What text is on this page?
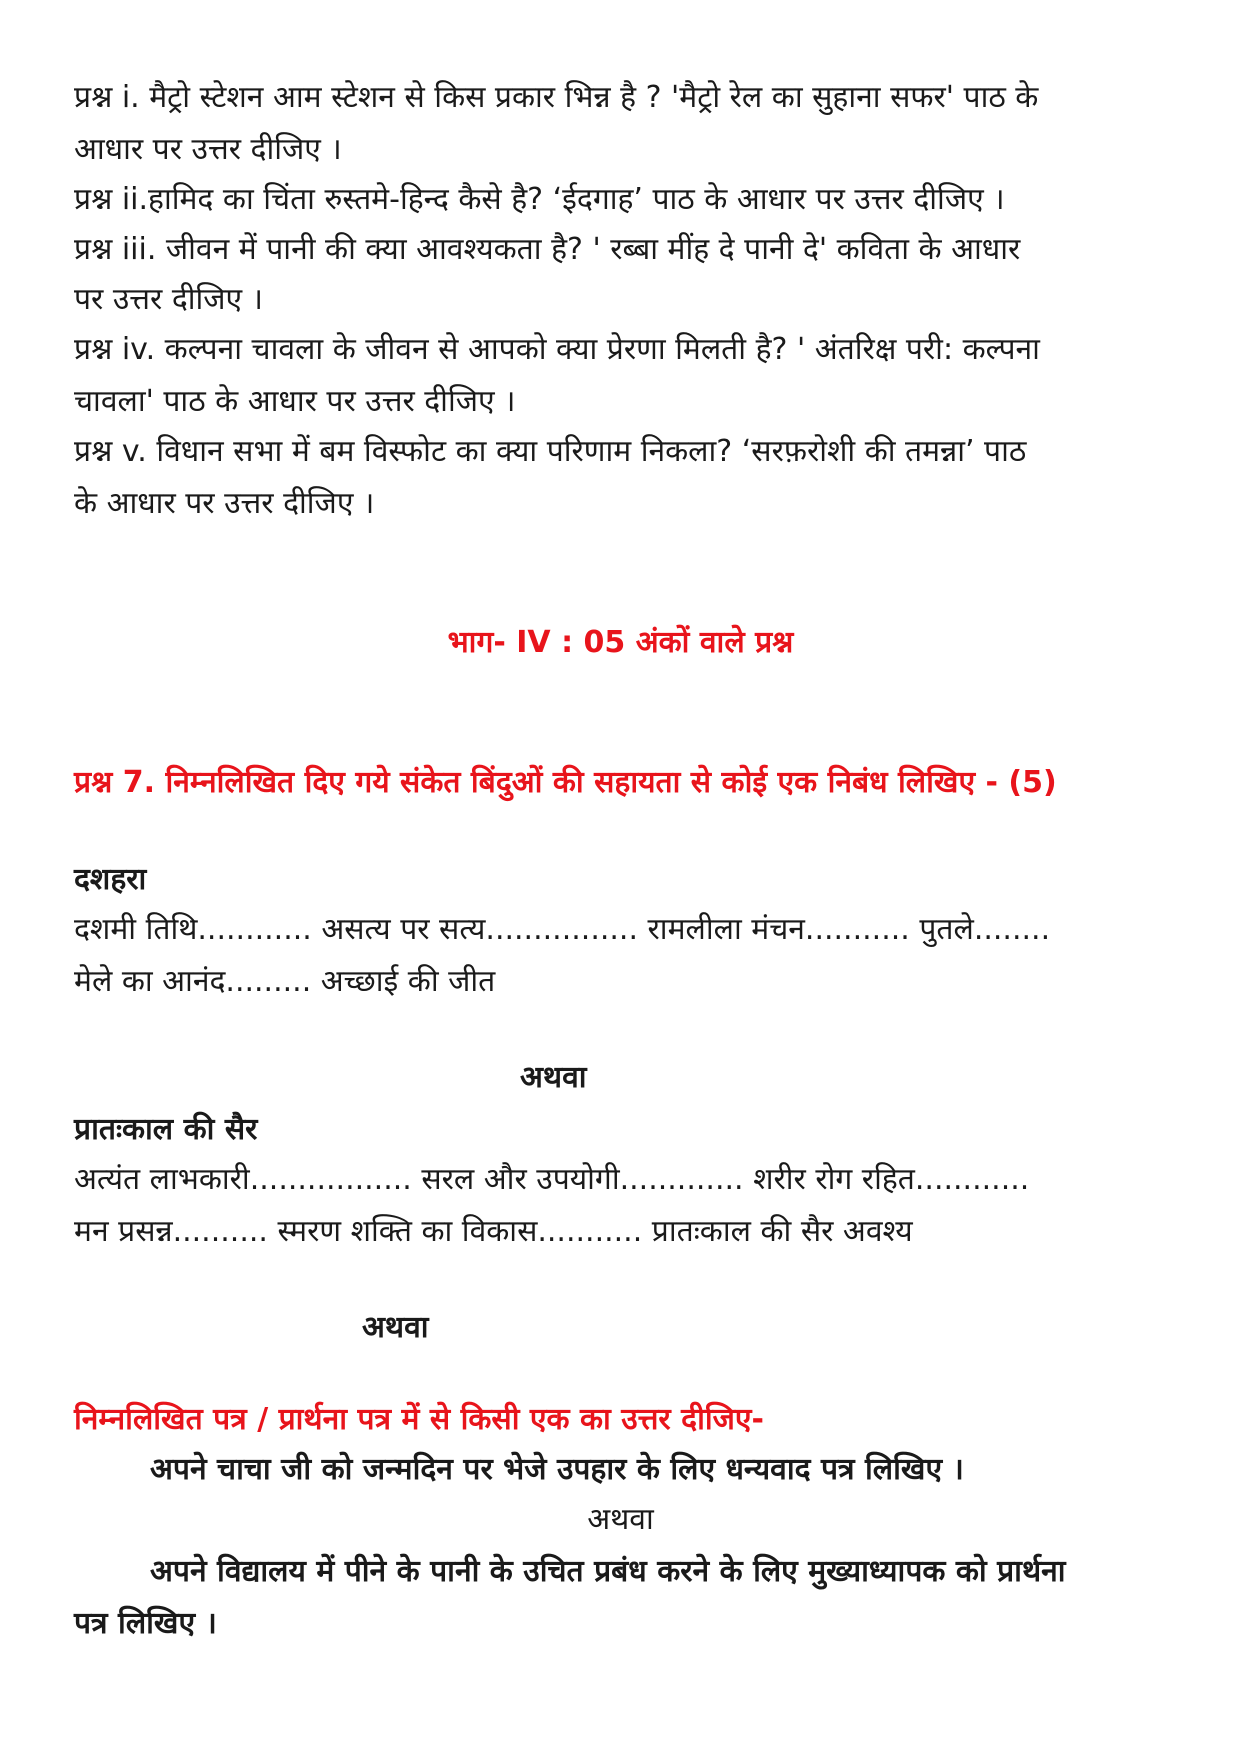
प्रश्न i. मैट्रो स्टेशन आम स्टेशन से किस प्रकार भिन्न है ? 'मैट्रो रेल का सुहाना सफर' पाठ के
आधार पर उत्तर दीजिए ।
प्रश्न ii.हामिद का चिंता रुस्तमे-हिन्द कैसे है? ‘ईदगाह’ पाठ के आधार पर उत्तर दीजिए ।
प्रश्न iii. जीवन में पानी की क्या आवश्यकता है? ' रब्बा मींह दे पानी दे' कविता के आधार
पर उत्तर दीजिए ।
प्रश्न iv. कल्पना चावला के जीवन से आपको क्या प्रेरणा मिलती है? ' अंतरिक्ष परी: कल्पना
चावला' पाठ के आधार पर उत्तर दीजिए ।
प्रश्न v. विधान सभा में बम विस्फोट का क्या परिणाम निकला? ‘सरफ़रोशी की तमन्ना’ पाठ
के आधार पर उत्तर दीजिए ।
भाग- IV : 05 अंकों वाले प्रश्न
प्रश्न 7. निम्नलिखित दिए गये संकेत बिंदुओं की सहायता से कोई एक निबंध लिखिए - (5)
दशहरा
दशमी तिथि............ असत्य पर सत्य................ रामलीला मंचन........... पुतले........
मेले का आनंद......... अच्छाई की जीत
अथवा
प्रातःकाल की सैर
अत्यंत लाभकारी................. सरल और उपयोगी............. शरीर रोग रहित............
मन प्रसन्न.......... स्मरण शक्ति का विकास........... प्रातःकाल की सैर अवश्य
अथवा
निम्नलिखित पत्र / प्रार्थना पत्र में से किसी एक का उत्तर दीजिए-
अपने चाचा जी को जन्मदिन पर भेजे उपहार के लिए धन्यवाद पत्र लिखिए ।
अथवा
अपने विद्यालय में पीने के पानी के उचित प्रबंध करने के लिए मुख्याध्यापक को प्रार्थना
पत्र लिखिए ।
